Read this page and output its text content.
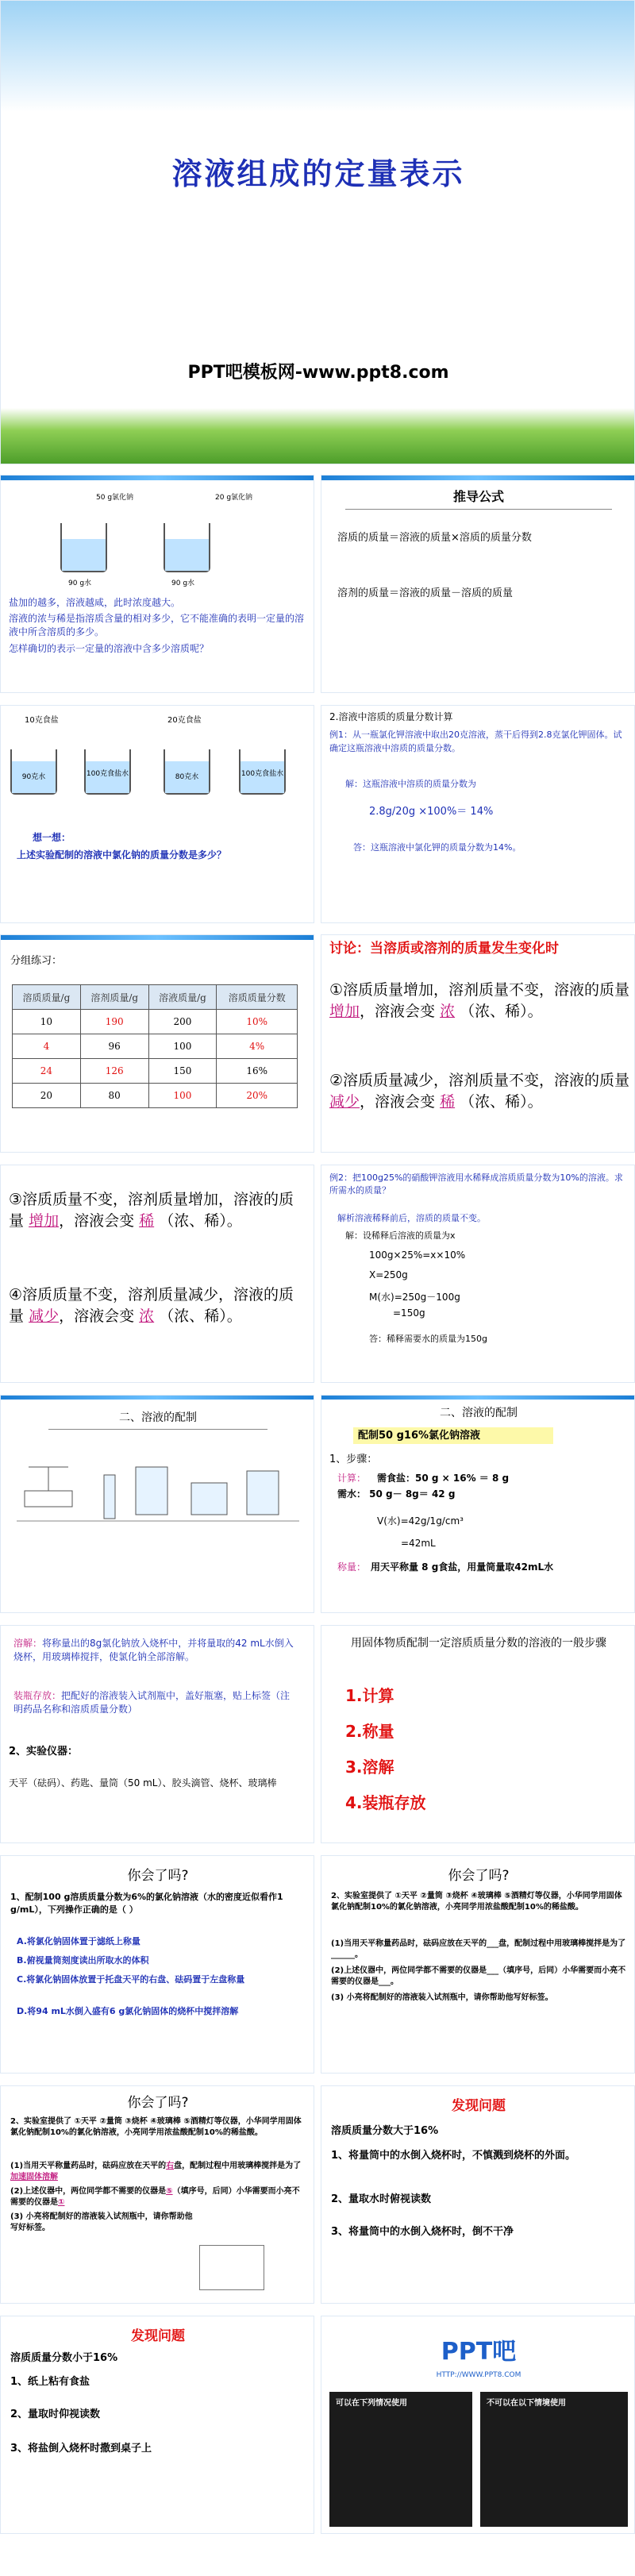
溶液组成的定量表示
PPT吧模板网-www.ppt8.com
50 g氯化钠	20 g氯化钠
90 g水	90 g水
盐加的越多，溶液越咸，此时浓度越大。
溶液的浓与稀是指溶质含量的相对多少，它不能准确的表明一定量的溶液中所含溶质的多少。
怎样确切的表示一定量的溶液中含多少溶质呢？
推导公式
溶质的质量＝溶液的质量×溶质的质量分数
溶剂的质量＝溶液的质量－溶质的质量
10克食盐	20克食盐
90克水	100克食盐水	80克水	100克食盐水
想一想：
上述实验配制的溶液中氯化钠的质量分数是多少？
2.溶液中溶质的质量分数计算
例1：从一瓶氯化钾溶液中取出20克溶液，蒸干后得到2.8克氯化钾固体。试确定这瓶溶液中溶质的质量分数。
解：这瓶溶液中溶质的质量分数为
2.8g/20g ×100%＝ 14%
答：这瓶溶液中氯化钾的质量分数为14%。
分组练习：
溶质质量/g	溶剂质量/g	溶液质量/g	溶质质量分数
10	190	200	10%
4	96	100	4%
24	126	150	16%
20	80	100	20%
讨论：当溶质或溶剂的质量发生变化时
①溶质质量增加，溶剂质量不变，溶液的质量 增加，溶液会变 浓 （浓、稀）。
②溶质质量减少，溶剂质量不变，溶液的质量 减少，溶液会变 稀 （浓、稀）。
③溶质质量不变，溶剂质量增加，溶液的质量 增加，溶液会变 稀 （浓、稀）。
④溶质质量不变，溶剂质量减少，溶液的质量 减少，溶液会变 浓 （浓、稀）。
例2：把100g25%的硝酸钾溶液用水稀释成溶质质量分数为10%的溶液。求所需水的质量？
解析溶液稀释前后，溶质的质量不变。
解：设稀释后溶液的质量为x
100g×25%=x×10%
X=250g
M(水)=250g－100g
=150g
答：稀释需要水的质量为150g
二、溶液的配制	二、溶液的配制
配制50 g16%氯化钠溶液
1、步骤：
计算： 需食盐：50 g × 16% ＝ 8 g
需水： 50 g－ 8g＝ 42 g
V(水)=42g/1g/cm³
=42mL
称量： 用天平称量 8 g食盐，用量筒量取42mL水
溶解：将称量出的8g氯化钠放入烧杯中，并将量取的42 mL水倒入烧杯，用玻璃棒搅拌，使氯化钠全部溶解。
装瓶存放：把配好的溶液装入试剂瓶中，盖好瓶塞，贴上标签（注明药品名称和溶质质量分数）
2、实验仪器：
天平（砝码）、药匙、量筒（50 mL）、胶头滴管、烧杯、玻璃棒
用固体物质配制一定溶质质量分数的溶液的一般步骤
1.计算
2.称量
3.溶解
4.装瓶存放
你会了吗?
1、配制100 g溶质质量分数为6%的氯化钠溶液（水的密度近似看作1 g/mL），下列操作正确的是（ ）
A.将氯化钠固体置于滤纸上称量
B.俯视量筒刻度读出所取水的体积
C.将氯化钠固体放置于托盘天平的右盘、砝码置于左盘称量
D.将94 mL水倒入盛有6 g氯化钠固体的烧杯中搅拌溶解
你会了吗?
2、实验室提供了 ①天平 ②量筒 ③烧杯 ④玻璃棒 ⑤酒精灯等仪器，小华同学用固体氯化钠配制10%的氯化钠溶液，小亮同学用浓盐酸配制10%的稀盐酸。
(1)当用天平称量药品时，砝码应放在天平的___盘，配制过程中用玻璃棒搅拌是为了______。
(2)上述仪器中，两位同学都不需要的仪器是___（填序号，后同）小华需要而小亮不需要的仪器是___。
(3) 小亮将配制好的溶液装入试剂瓶中，请你帮助他写好标签。
你会了吗?
2、实验室提供了 ①天平 ②量筒 ③烧杯 ④玻璃棒 ⑤酒精灯等仪器，小华同学用固体氯化钠配制10%的氯化钠溶液，小亮同学用浓盐酸配制10%的稀盐酸。
(1)当用天平称量药品时，砝码应放在天平的右盘，配制过程中用玻璃棒搅拌是为了加速固体溶解
(2)上述仪器中，两位同学都不需要的仪器是⑤（填序号，后同）小华需要而小亮不需要的仪器是①
(3) 小亮将配制好的溶液装入试剂瓶中，请你帮助他写好标签。
发现问题
溶质质量分数大于16%
1、将量筒中的水倒入烧杯时，不慎溅到烧杯的外面。
2、量取水时俯视读数
3、将量筒中的水倒入烧杯时，倒不干净
发现问题
溶质质量分数小于16%
1、纸上粘有食盐
2、量取时仰视读数
3、将盐倒入烧杯时撒到桌子上
PPT吧
HTTP://WWW.PPT8.COM
可以在下列情况使用	不可以在以下情境使用
